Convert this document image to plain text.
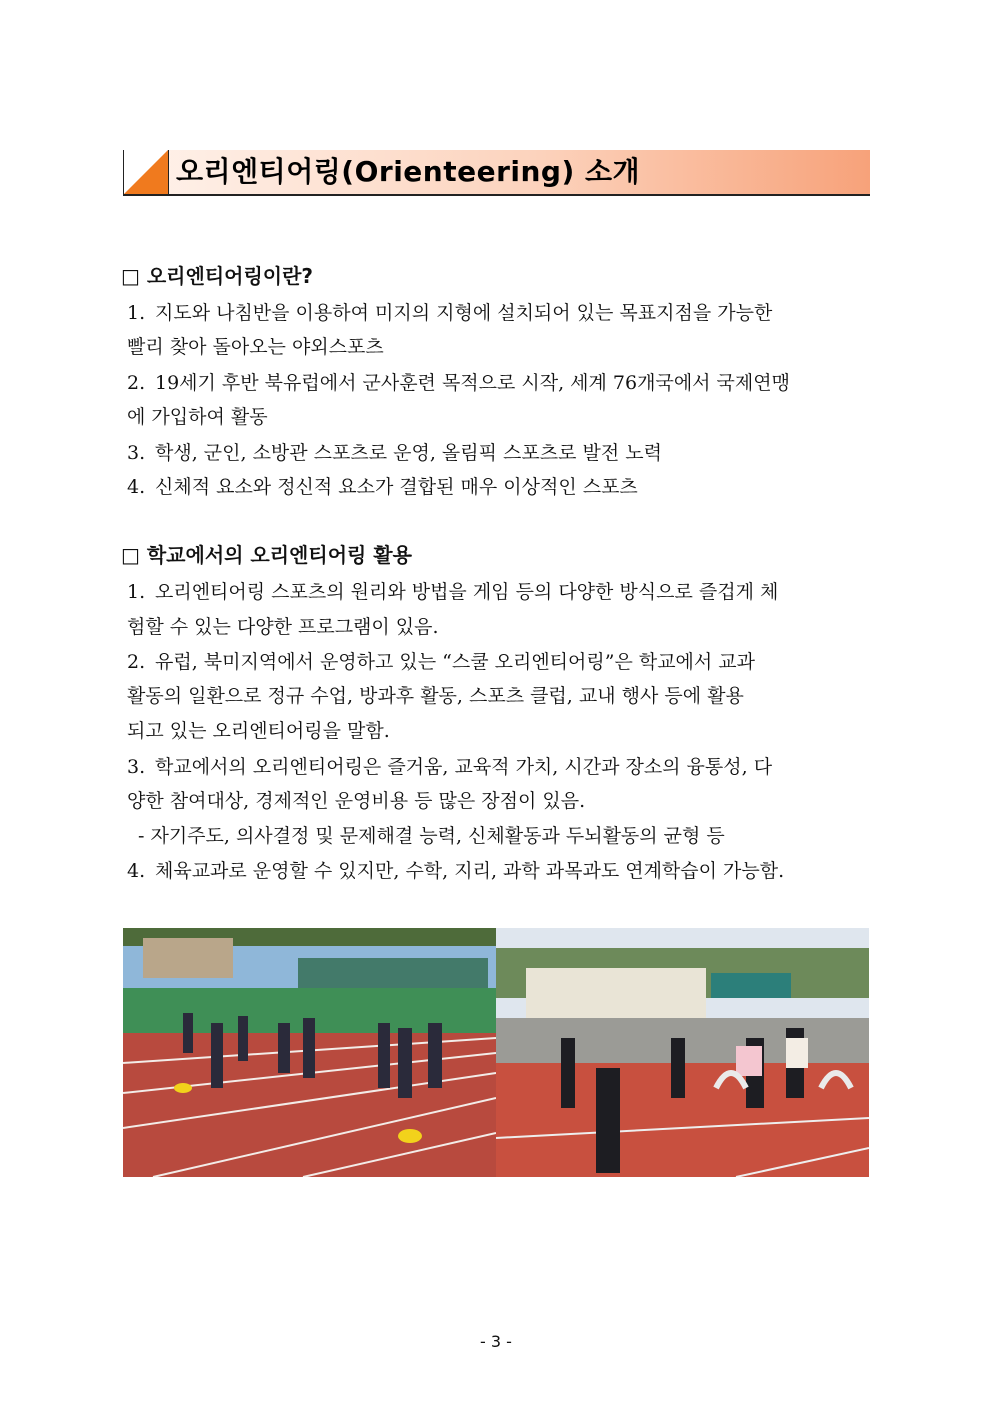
오리엔티어링(Orienteering) 소개
□ 오리엔티어링이란?
1. 지도와 나침반을 이용하여 미지의 지형에 설치되어 있는 목표지점을 가능한
빨리 찾아 돌아오는 야외스포츠
2. 19세기 후반 북유럽에서 군사훈련 목적으로 시작, 세계 76개국에서 국제연맹
에 가입하여 활동
3. 학생, 군인, 소방관 스포츠로 운영, 올림픽 스포츠로 발전 노력
4. 신체적 요소와 정신적 요소가 결합된 매우 이상적인 스포츠
□ 학교에서의 오리엔티어링 활용
1. 오리엔티어링 스포츠의 원리와 방법을 게임 등의 다양한 방식으로 즐겁게 체
험할 수 있는 다양한 프로그램이 있음.
2. 유럽, 북미지역에서 운영하고 있는 “스쿨 오리엔티어링”은 학교에서 교과
활동의 일환으로 정규 수업, 방과후 활동, 스포츠 클럽, 교내 행사 등에 활용
되고 있는 오리엔티어링을 말함.
3. 학교에서의 오리엔티어링은 즐거움, 교육적 가치, 시간과 장소의 융통성, 다
양한 참여대상, 경제적인 운영비용 등 많은 장점이 있음.
- 자기주도, 의사결정 및 문제해결 능력, 신체활동과 두뇌활동의 균형 등
4. 체육교과로 운영할 수 있지만, 수학, 지리, 과학 과목과도 연계학습이 가능함.
- 3 -
